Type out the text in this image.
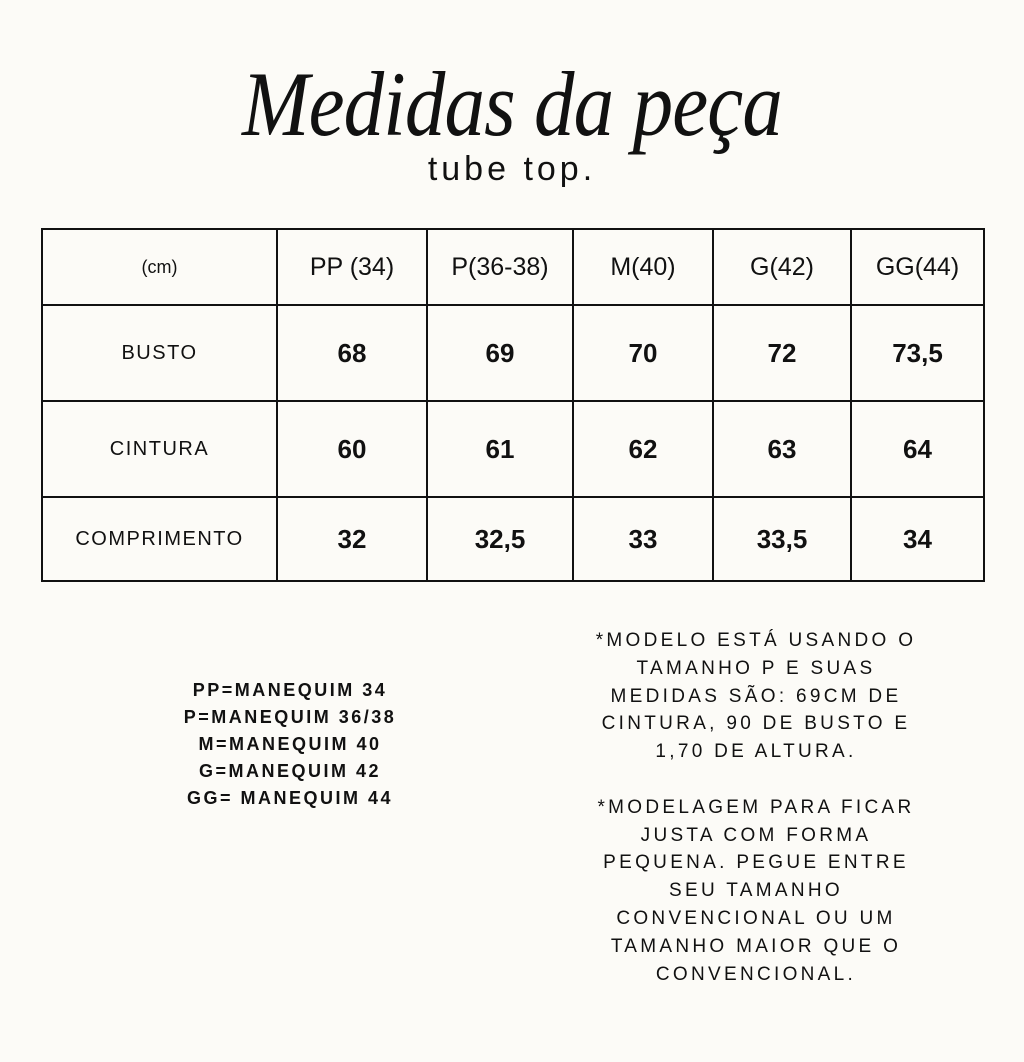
Medidas da peça
tube top.
(cm)	PP (34)	P(36-38)	M(40)	G(42)	GG(44)
BUSTO	68	69	70	72	73,5
CINTURA	60	61	62	63	64
COMPRIMENTO	32	32,5	33	33,5	34
PP=MANEQUIM 34
P=MANEQUIM 36/38
M=MANEQUIM 40
G=MANEQUIM 42
GG= MANEQUIM 44
*MODELO ESTÁ USANDO O
TAMANHO P E SUAS
MEDIDAS SÃO: 69CM DE
CINTURA, 90 DE BUSTO E
1,70 DE ALTURA.
*MODELAGEM PARA FICAR
JUSTA COM FORMA
PEQUENA. PEGUE ENTRE
SEU TAMANHO
CONVENCIONAL OU UM
TAMANHO MAIOR QUE O
CONVENCIONAL.
